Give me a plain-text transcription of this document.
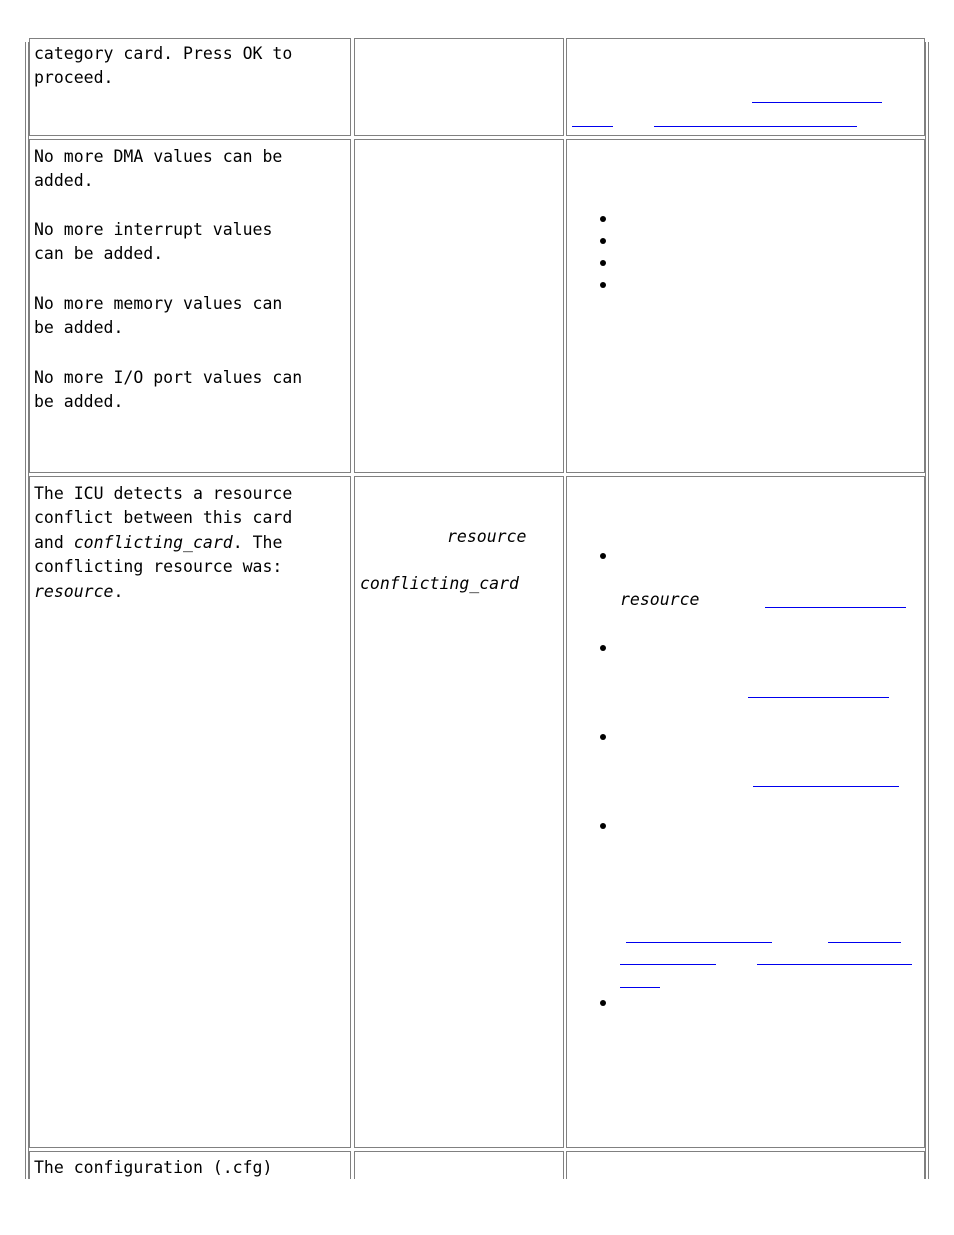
category card. Press OK to
proceed.
No more DMA values can be
added.
No more interrupt values
can be added.
No more memory values can
be added.
No more I/O port values can
be added.
The ICU detects a resource
conflict between this card
and conflicting_card. The
conflicting resource was:
resource.
resource
conflicting_card
resource
The configuration (.cfg)
